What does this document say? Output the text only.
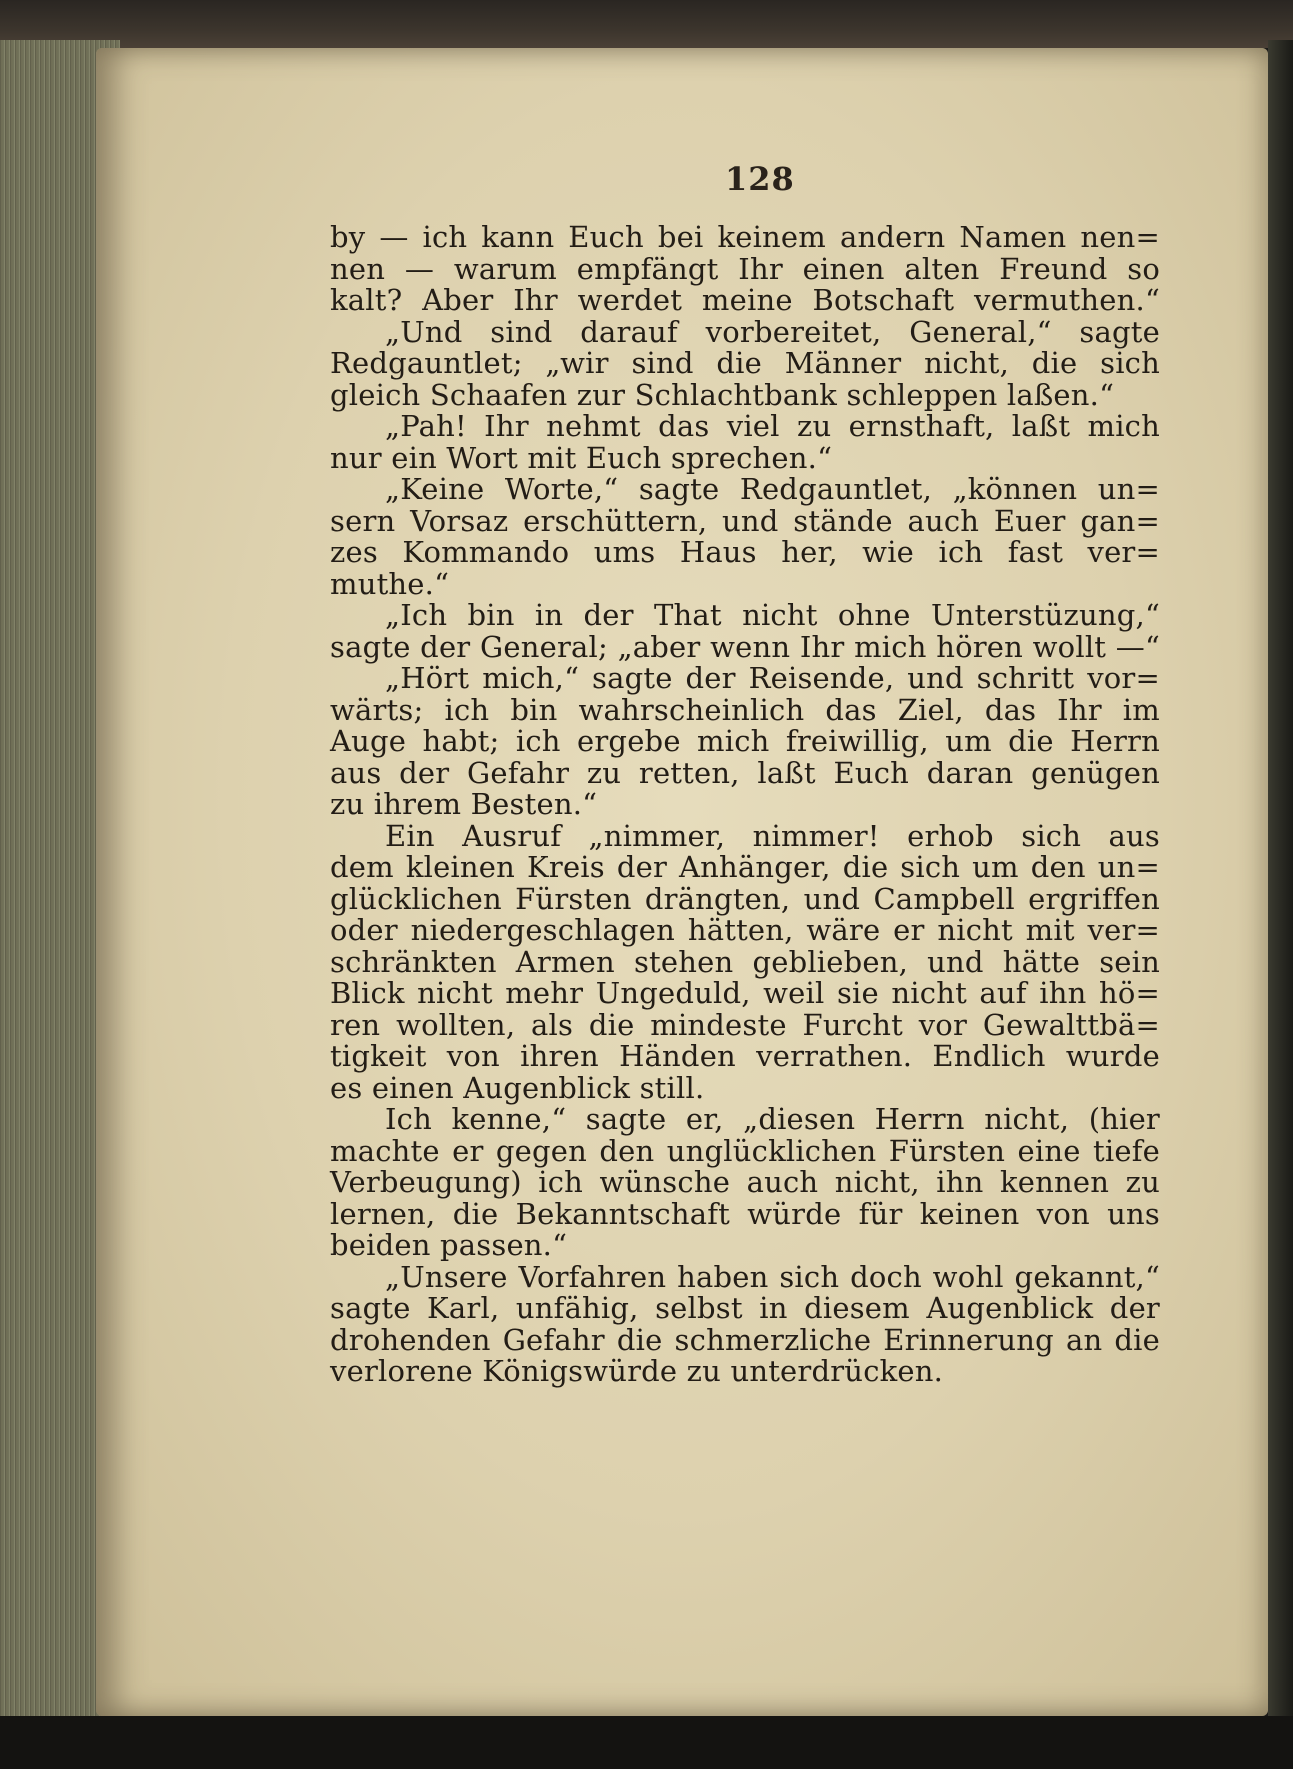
128
by — ich kann Euch bei keinem andern Namen nen=
nen — warum empfängt Ihr einen alten Freund so
kalt? Aber Ihr werdet meine Botschaft vermuthen.“
„Und sind darauf vorbereitet, General,“ sagte
Redgauntlet; „wir sind die Männer nicht, die sich
gleich Schaafen zur Schlachtbank schleppen laßen.“
„Pah! Ihr nehmt das viel zu ernsthaft, laßt mich
nur ein Wort mit Euch sprechen.“
„Keine Worte,“ sagte Redgauntlet, „können un=
sern Vorsaz erschüttern, und stände auch Euer gan=
zes Kommando ums Haus her, wie ich fast ver=
muthe.“
„Ich bin in der That nicht ohne Unterstüzung,“
sagte der General; „aber wenn Ihr mich hören wollt —“
„Hört mich,“ sagte der Reisende, und schritt vor=
wärts; ich bin wahrscheinlich das Ziel, das Ihr im
Auge habt; ich ergebe mich freiwillig, um die Herrn
aus der Gefahr zu retten, laßt Euch daran genügen
zu ihrem Besten.“
Ein Ausruf „nimmer, nimmer! erhob sich aus
dem kleinen Kreis der Anhänger, die sich um den un=
glücklichen Fürsten drängten, und Campbell ergriffen
oder niedergeschlagen hätten, wäre er nicht mit ver=
schränkten Armen stehen geblieben, und hätte sein
Blick nicht mehr Ungeduld, weil sie nicht auf ihn hö=
ren wollten, als die mindeste Furcht vor Gewalttbä=
tigkeit von ihren Händen verrathen. Endlich wurde
es einen Augenblick still.
Ich kenne,“ sagte er, „diesen Herrn nicht, (hier
machte er gegen den unglücklichen Fürsten eine tiefe
Verbeugung) ich wünsche auch nicht, ihn kennen zu
lernen, die Bekanntschaft würde für keinen von uns
beiden passen.“
„Unsere Vorfahren haben sich doch wohl gekannt,“
sagte Karl, unfähig, selbst in diesem Augenblick der
drohenden Gefahr die schmerzliche Erinnerung an die
verlorene Königswürde zu unterdrücken.
